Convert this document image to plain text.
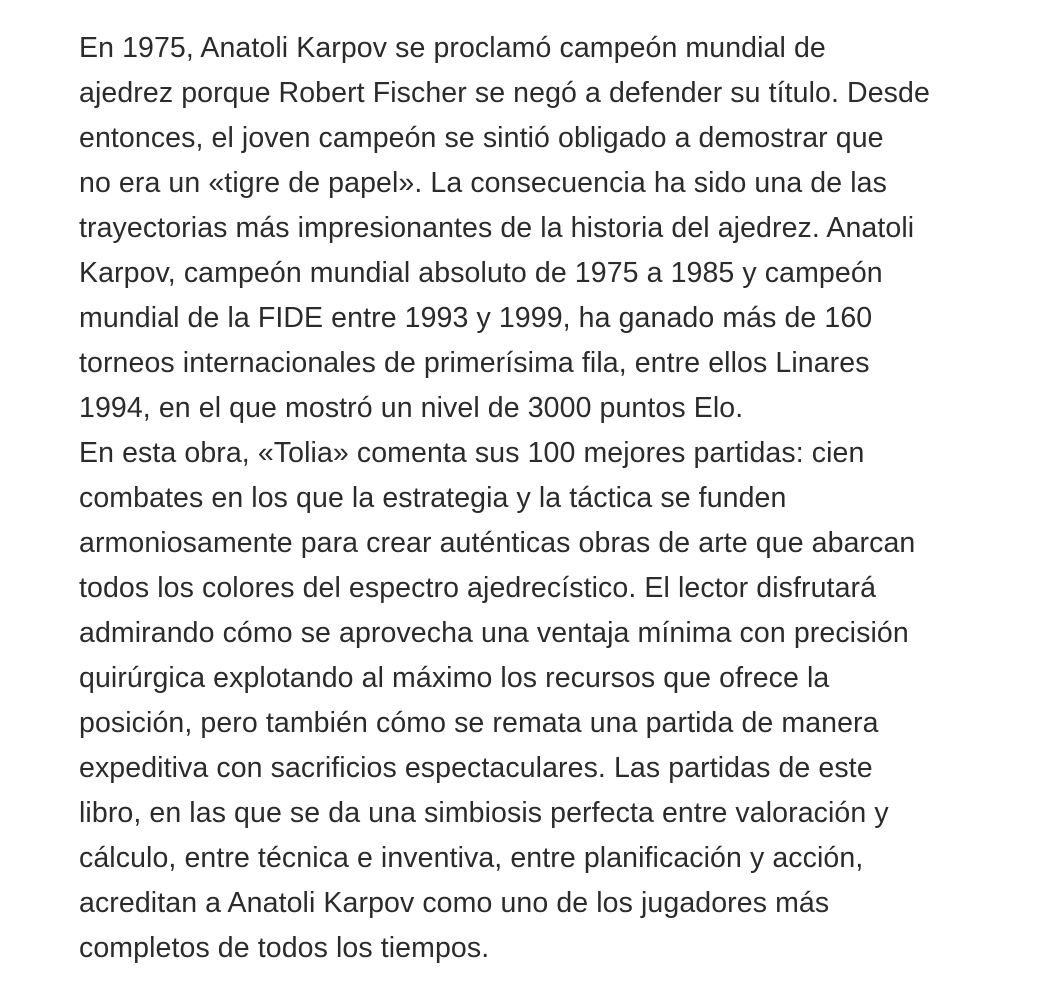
En 1975, Anatoli Karpov se proclamó campeón mundial de
ajedrez porque Robert Fischer se negó a defender su título. Desde
entonces, el joven campeón se sintió obligado a demostrar que
no era un «tigre de papel». La consecuencia ha sido una de las
trayectorias más impresionantes de la historia del ajedrez. Anatoli
Karpov, campeón mundial absoluto de 1975 a 1985 y campeón
mundial de la FIDE entre 1993 y 1999, ha ganado más de 160
torneos internacionales de primerísima fila, entre ellos Linares
1994, en el que mostró un nivel de 3000 puntos Elo.

En esta obra, «Tolia» comenta sus 100 mejores partidas: cien
combates en los que la estrategia y la táctica se funden
armoniosamente para crear auténticas obras de arte que abarcan
todos los colores del espectro ajedrecístico. El lector disfrutará
admirando cómo se aprovecha una ventaja mínima con precisión
quirúrgica explotando al máximo los recursos que ofrece la
posición, pero también cómo se remata una partida de manera
expeditiva con sacrificios espectaculares. Las partidas de este
libro, en las que se da una simbiosis perfecta entre valoración y
cálculo, entre técnica e inventiva, entre planificación y acción,
acreditan a Anatoli Karpov como uno de los jugadores más
completos de todos los tiempos.
